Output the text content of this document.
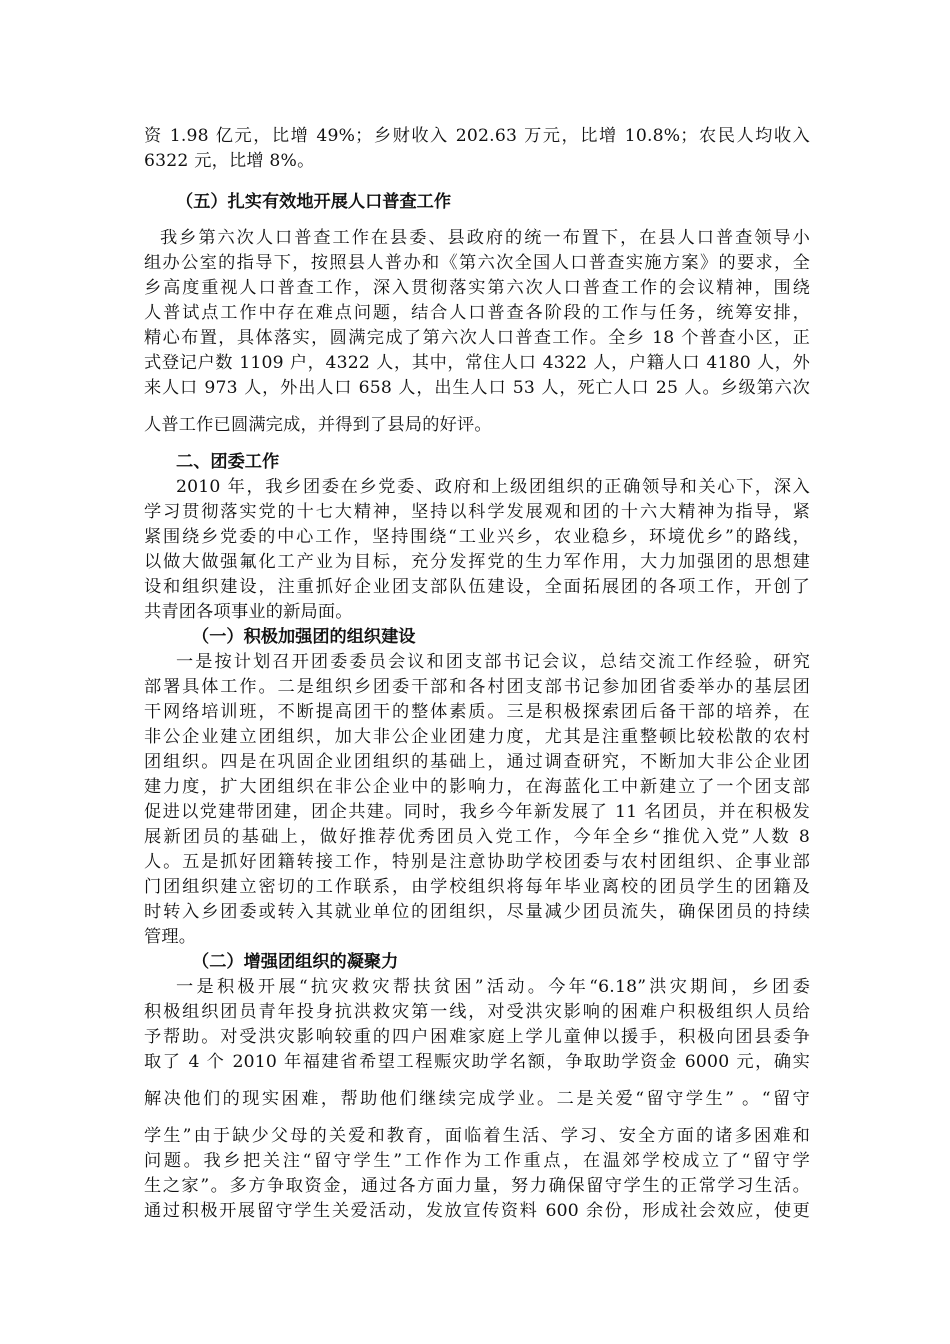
资 1.98 亿元，比增 49%；乡财收入 202.63 万元，比增 10.8%；农民人均收入
6322 元，比增 8%。
（五）扎实有效地开展人口普查工作
我乡第六次人口普查工作在县委、县政府的统一布置下，在县人口普查领导小
组办公室的指导下，按照县人普办和《第六次全国人口普查实施方案》的要求，全
乡高度重视人口普查工作，深入贯彻落实第六次人口普查工作的会议精神，围绕
人普试点工作中存在难点问题，结合人口普查各阶段的工作与任务，统筹安排，
精心布置，具体落实，圆满完成了第六次人口普查工作。全乡 18 个普查小区，正
式登记户数 1109 户，4322 人，其中，常住人口 4322 人，户籍人口 4180 人，外
来人口 973 人，外出人口 658 人，出生人口 53 人，死亡人口 25 人。乡级第六次
人普工作已圆满完成，并得到了县局的好评。
二、团委工作
2010 年，我乡团委在乡党委、政府和上级团组织的正确领导和关心下，深入
学习贯彻落实党的十七大精神，坚持以科学发展观和团的十六大精神为指导，紧
紧围绕乡党委的中心工作，坚持围绕“工业兴乡，农业稳乡，环境优乡”的路线，
以做大做强氟化工产业为目标，充分发挥党的生力军作用，大力加强团的思想建
设和组织建设，注重抓好企业团支部队伍建设，全面拓展团的各项工作，开创了
共青团各项事业的新局面。
（一）积极加强团的组织建设
一是按计划召开团委委员会议和团支部书记会议，总结交流工作经验，研究
部署具体工作。二是组织乡团委干部和各村团支部书记参加团省委举办的基层团
干网络培训班，不断提高团干的整体素质。三是积极探索团后备干部的培养，在
非公企业建立团组织，加大非公企业团建力度，尤其是注重整顿比较松散的农村
团组织。四是在巩固企业团组织的基础上，通过调查研究，不断加大非公企业团
建力度，扩大团组织在非公企业中的影响力，在海蓝化工中新建立了一个团支部
促进以党建带团建，团企共建。同时，我乡今年新发展了 11 名团员，并在积极发
展新团员的基础上，做好推荐优秀团员入党工作，今年全乡“推优入党”人数 8
人。五是抓好团籍转接工作，特别是注意协助学校团委与农村团组织、企事业部
门团组织建立密切的工作联系，由学校组织将每年毕业离校的团员学生的团籍及
时转入乡团委或转入其就业单位的团组织，尽量减少团员流失，确保团员的持续
管理。
（二）增强团组织的凝聚力
一是积极开展“抗灾救灾帮扶贫困”活动。今年“6.18”洪灾期间，乡团委
积极组织团员青年投身抗洪救灾第一线，对受洪灾影响的困难户积极组织人员给
予帮助。对受洪灾影响较重的四户困难家庭上学儿童伸以援手，积极向团县委争
取了 4 个 2010 年福建省希望工程赈灾助学名额，争取助学资金 6000 元，确实
解决他们的现实困难，帮助他们继续完成学业。二是关爱“留守学生” 。“留守
学生”由于缺少父母的关爱和教育，面临着生活、学习、安全方面的诸多困难和
问题。我乡把关注“留守学生”工作作为工作重点，在温郊学校成立了“留守学
生之家”。多方争取资金，通过各方面力量，努力确保留守学生的正常学习生活。
通过积极开展留守学生关爱活动，发放宣传资料 600 余份，形成社会效应，使更
